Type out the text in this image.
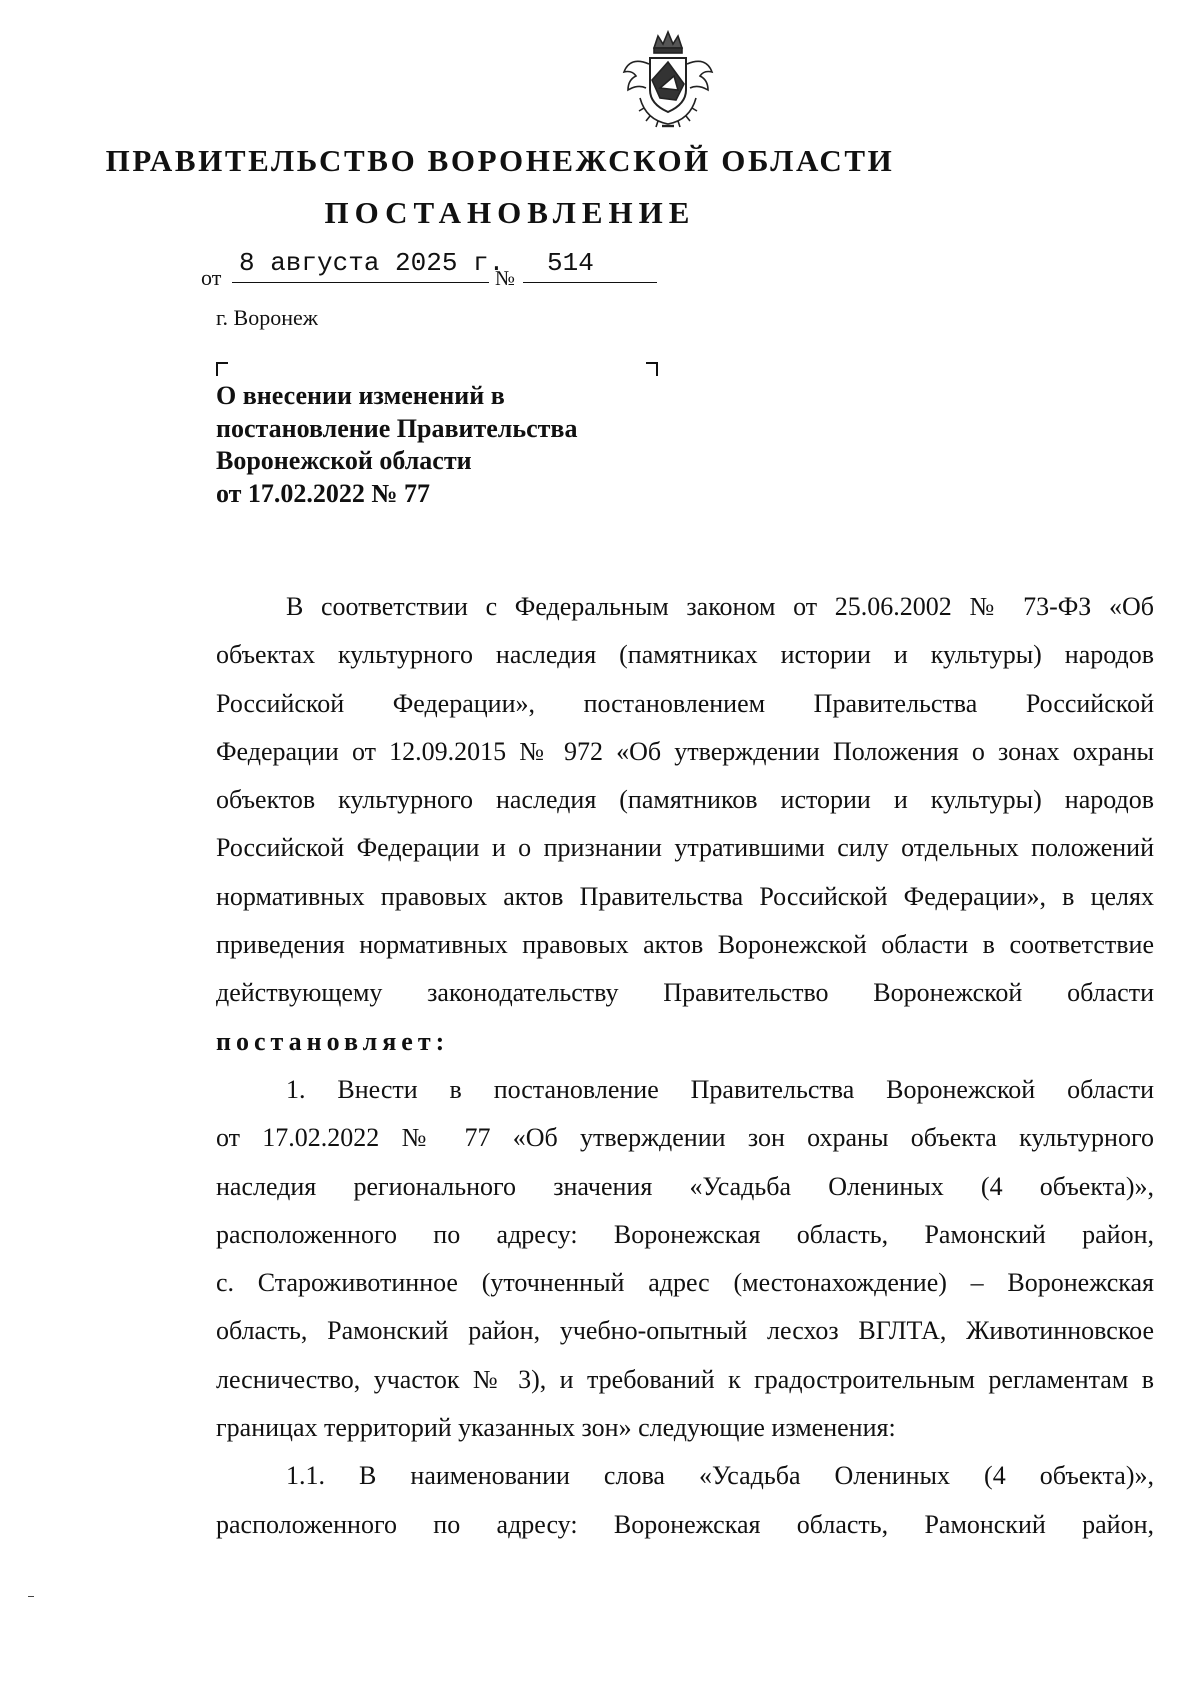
ПРАВИТЕЛЬСТВО ВОРОНЕЖСКОЙ ОБЛАСТИ
ПОСТАНОВЛЕНИЕ
от 8 августа 2025 г.
№ 514
г. Воронеж
О внесении изменений в
постановление Правительства
Воронежской области
от 17.02.2022 № 77
В соответствии с Федеральным законом от 25.06.2002 № 73-ФЗ «Об
объектах культурного наследия (памятниках истории и культуры) народов
Российской Федерации», постановлением Правительства Российской
Федерации от 12.09.2015 № 972 «Об утверждении Положения о зонах охраны
объектов культурного наследия (памятников истории и культуры) народов
Российской Федерации и о признании утратившими силу отдельных положений
нормативных правовых актов Правительства Российской Федерации», в целях
приведения нормативных правовых актов Воронежской области в соответствие
действующему законодательству Правительство Воронежской области
постановляет:
1. Внести в постановление Правительства Воронежской области
от 17.02.2022 № 77 «Об утверждении зон охраны объекта культурного
наследия регионального значения «Усадьба Олениных (4 объекта)»,
расположенного по адресу: Воронежская область, Рамонский район,
с. Староживотинное (уточненный адрес (местонахождение) – Воронежская
область, Рамонский район, учебно-опытный лесхоз ВГЛТА, Животинновское
лесничество, участок № 3), и требований к градостроительным регламентам в
границах территорий указанных зон» следующие изменения:
1.1. В наименовании слова «Усадьба Олениных (4 объекта)»,
расположенного по адресу: Воронежская область, Рамонский район,
